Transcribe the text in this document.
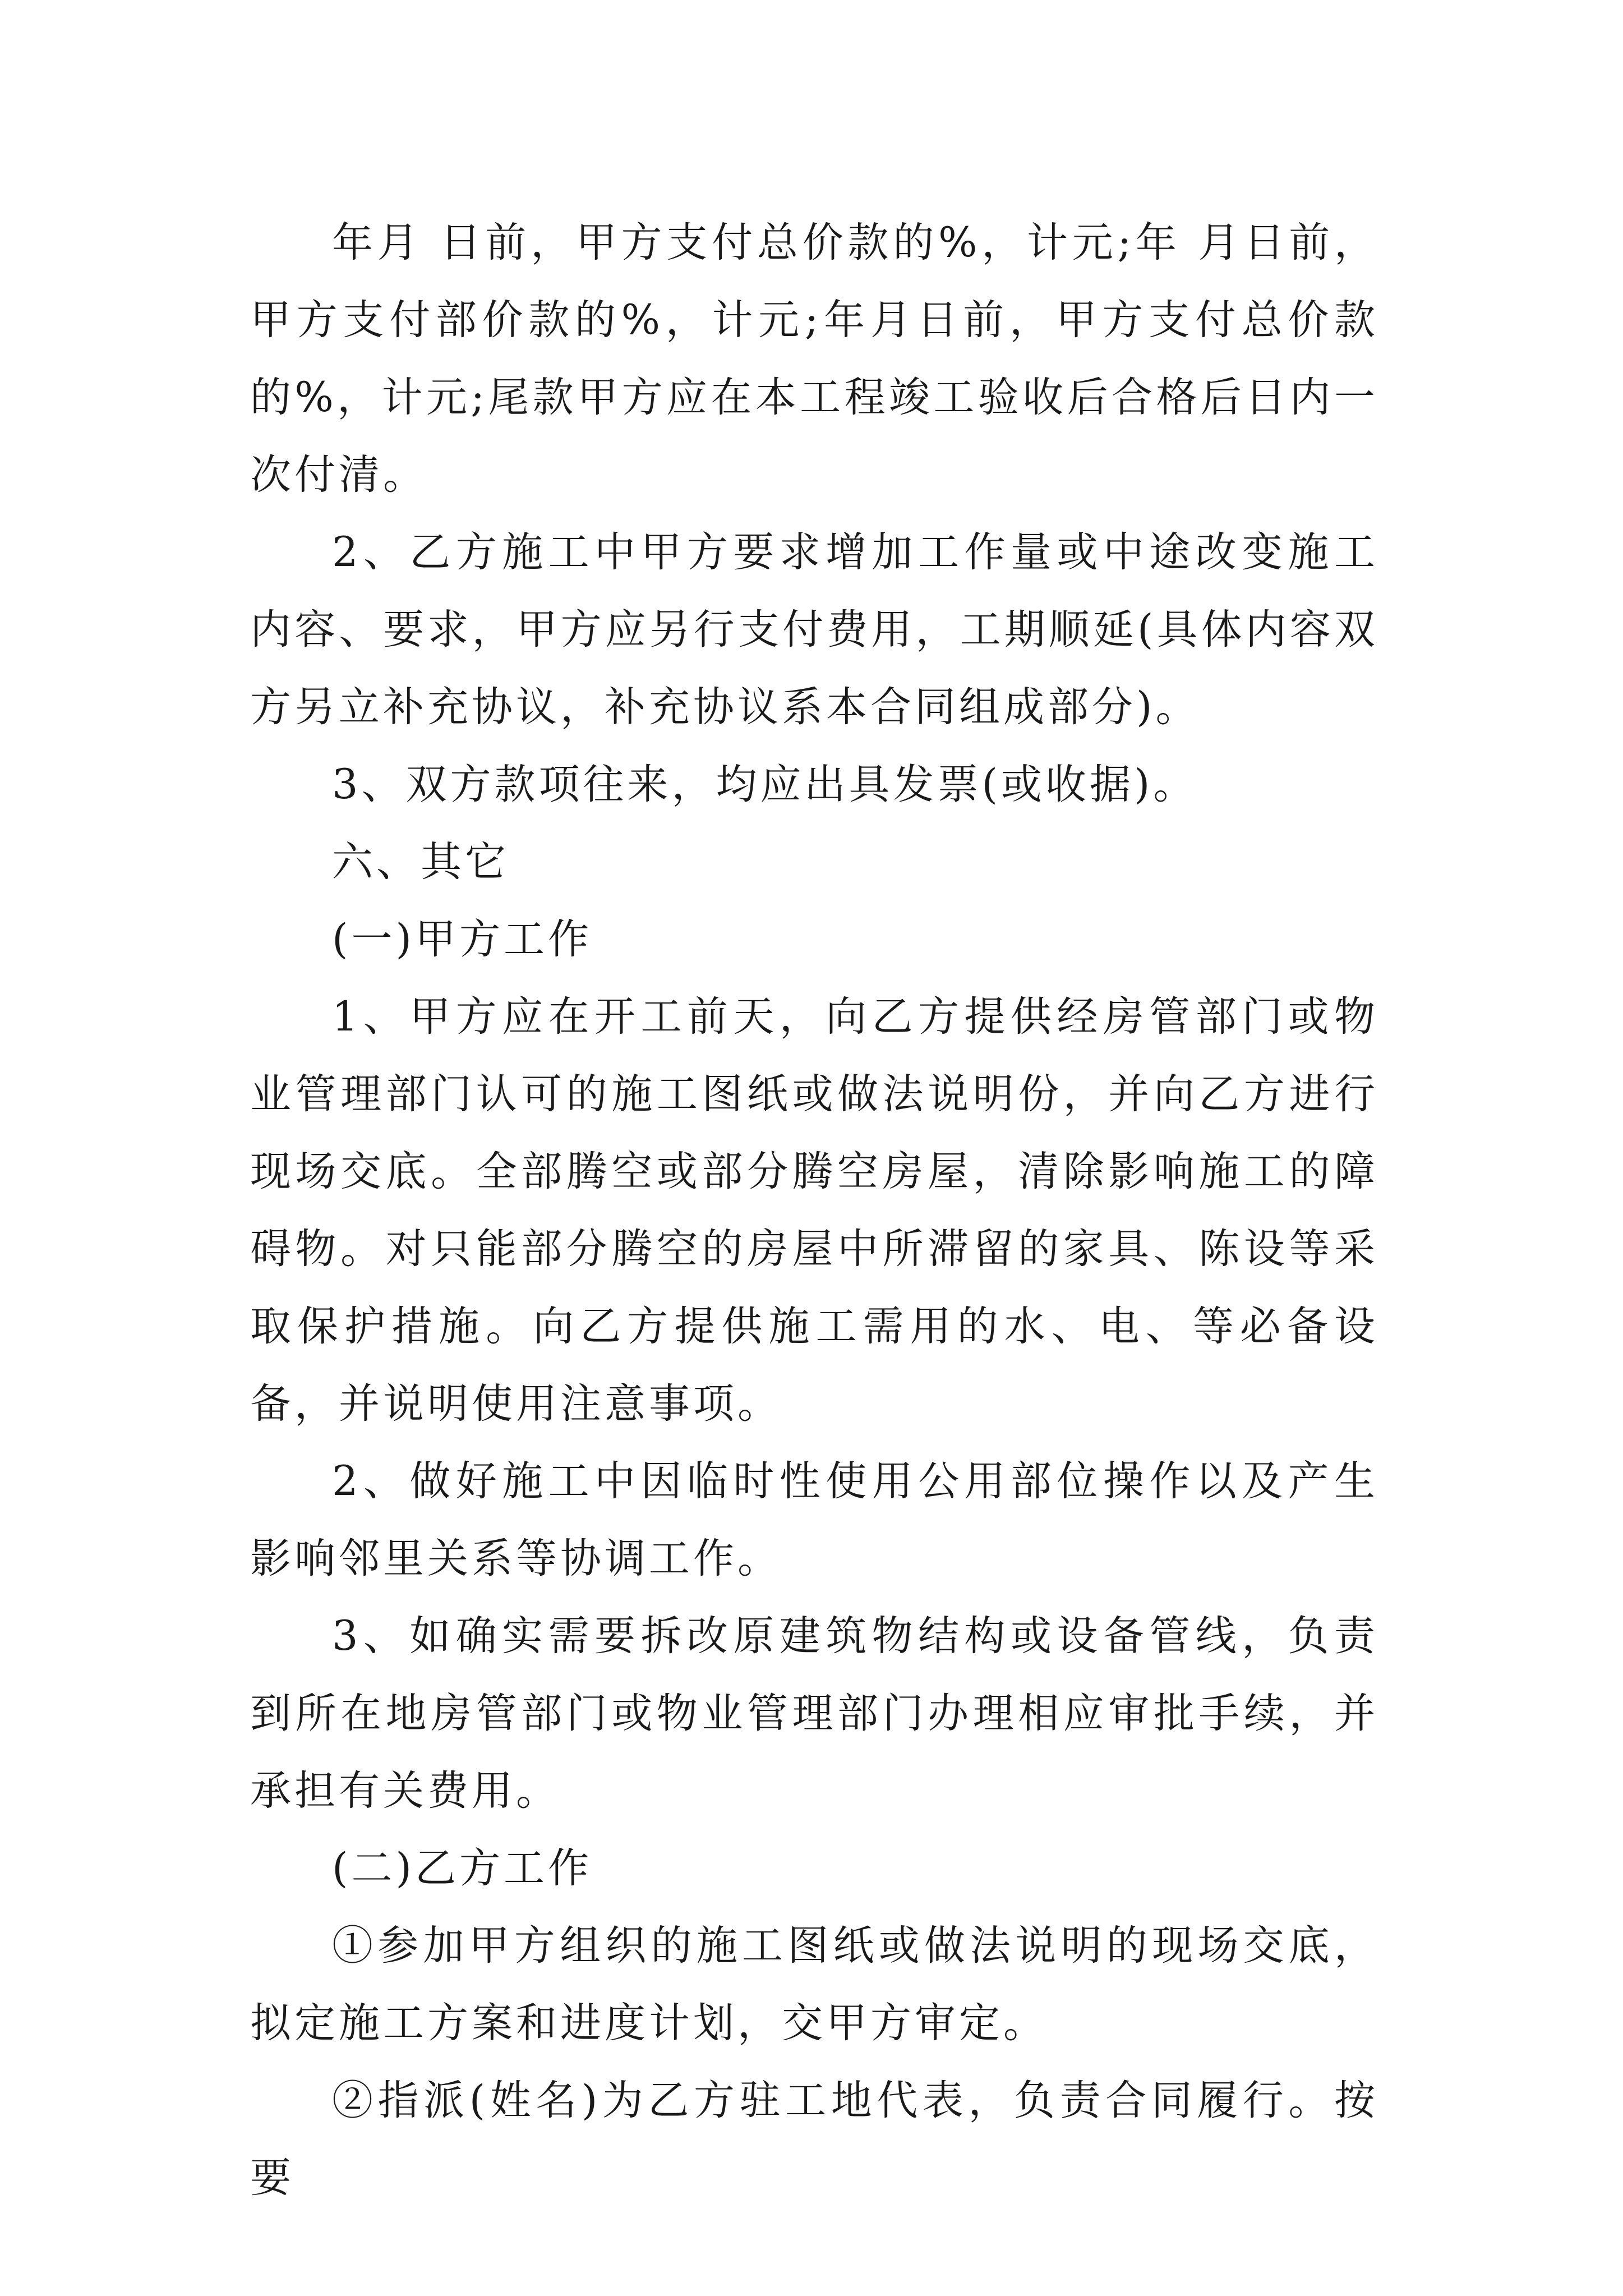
年月 日前，甲方支付总价款的%，计元;年 月日前，甲方支付部价款的%，计元;年月日前，甲方支付总价款的%，计元;尾款甲方应在本工程竣工验收后合格后日内一次付清。

2、乙方施工中甲方要求增加工作量或中途改变施工内容、要求，甲方应另行支付费用，工期顺延(具体内容双方另立补充协议，补充协议系本合同组成部分)。

3、双方款项往来，均应出具发票(或收据)。

六、其它

(一)甲方工作

1、甲方应在开工前天，向乙方提供经房管部门或物业管理部门认可的施工图纸或做法说明份，并向乙方进行现场交底。全部腾空或部分腾空房屋，清除影响施工的障碍物。对只能部分腾空的房屋中所滞留的家具、陈设等采取保护措施。向乙方提供施工需用的水、电、等必备设备，并说明使用注意事项。

2、做好施工中因临时性使用公用部位操作以及产生影响邻里关系等协调工作。

3、如确实需要拆改原建筑物结构或设备管线，负责到所在地房管部门或物业管理部门办理相应审批手续，并承担有关费用。

(二)乙方工作

①参加甲方组织的施工图纸或做法说明的现场交底，拟定施工方案和进度计划，交甲方审定。

②指派(姓名)为乙方驻工地代表，负责合同履行。按要
